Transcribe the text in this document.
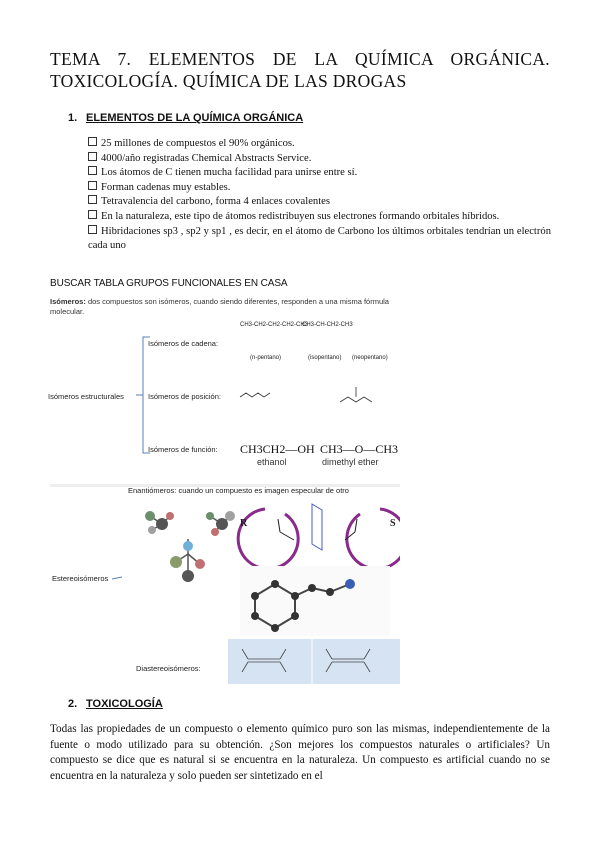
TEMA 7. ELEMENTOS DE LA QUÍMICA ORGÁNICA. TOXICOLOGÍA. QUÍMICA DE LAS DROGAS
1. ELEMENTOS DE LA QUÍMICA ORGÁNICA
25 millones de compuestos el 90% orgánicos.
4000/año registradas Chemical Abstracts Service.
Los átomos de C tienen mucha facilidad para unirse entre sí.
Forman cadenas muy estables.
Tetravalencia del carbono, forma 4 enlaces covalentes
En la naturaleza, este tipo de átomos redistribuyen sus electrones formando orbitales híbridos.
Hibridaciones sp3 , sp2 y sp1 , es decir, en el átomo de Carbono los últimos orbitales tendrían un electrón cada uno
BUSCAR TABLA GRUPOS FUNCIONALES EN CASA
Isómeros: dos compuestos son isómeros, cuando siendo diferentes, responden a una misma fórmula molecular.
Isómeros de cadena:
Isómeros estructurales	Isómeros de posición:
Isómeros de función:
CH3-CH2-CH2-CH2-CH3
CH3-CH-CH2-CH3
(n-pentano)	(isopentano) (neopentano)
CH3CH2—OH CH3—O—CH3
ethanol	dimethyl ether
Enantiómeros: cuando un compuesto es imagen especular de otro
R	S
Estereoisómeros
Diastereoisómeros:
2. TOXICOLOGÍA

Todas las propiedades de un compuesto o elemento químico puro son las mismas, independientemente de la fuente o modo utilizado para su obtención. ¿Son mejores los compuestos naturales o artificiales? Un compuesto se dice que es natural si se encuentra en la naturaleza. Un compuesto es artificial cuando no se encuentra en la naturaleza y solo pueden ser sintetizado en el
